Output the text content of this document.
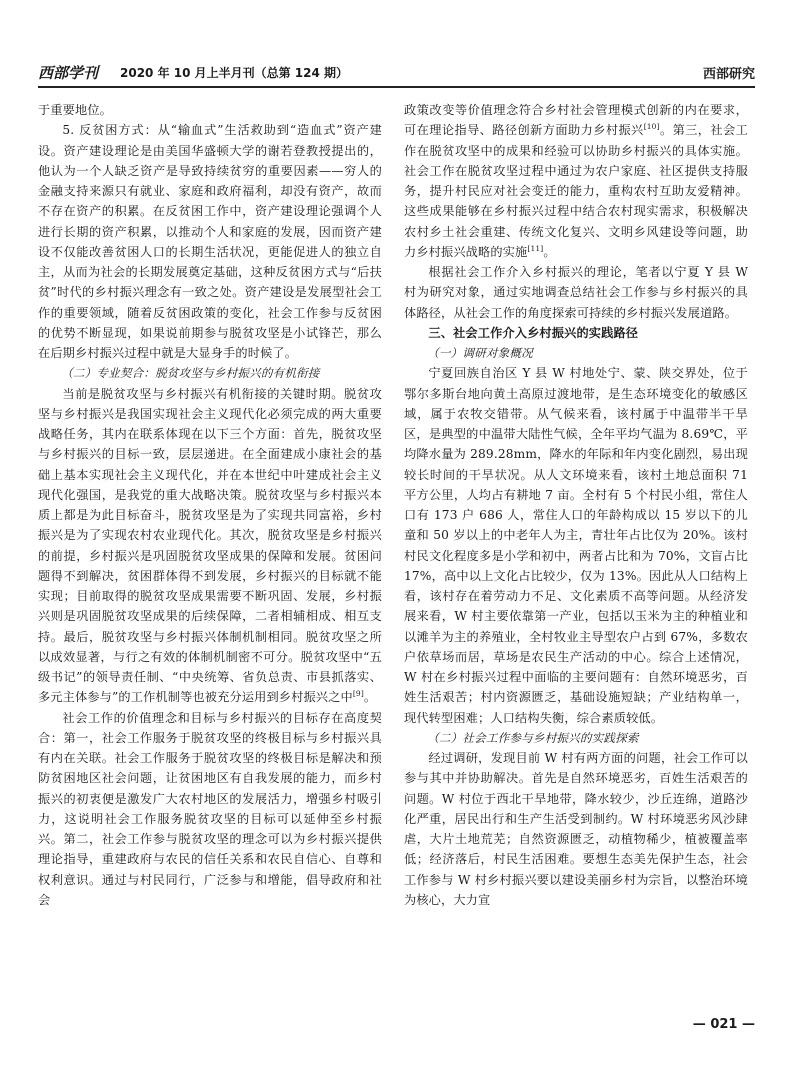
西部学刊 2020 年 10 月上半月刊（总第 124 期）	西部研究

于重要地位。

5. 反贫困方式：从“输血式”生活救助到“造血式”资产建设。资产建设理论是由美国华盛顿大学的谢若登教授提出的，他认为一个人缺乏资产是导致持续贫穷的重要因素——穷人的金融支持来源只有就业、家庭和政府福利，却没有资产，故而不存在资产的积累。在反贫困工作中，资产建设理论强调个人进行长期的资产积累，以推动个人和家庭的发展，因而资产建设不仅能改善贫困人口的长期生活状况，更能促进人的独立自主，从而为社会的长期发展奠定基础，这种反贫困方式与“后扶贫”时代的乡村振兴理念有一致之处。资产建设是发展型社会工作的重要领域，随着反贫困政策的变化，社会工作参与反贫困的优势不断显现，如果说前期参与脱贫攻坚是小试锋芒，那么在后期乡村振兴过程中就是大显身手的时候了。

（二）专业契合：脱贫攻坚与乡村振兴的有机衔接

当前是脱贫攻坚与乡村振兴有机衔接的关键时期。脱贫攻坚与乡村振兴是我国实现社会主义现代化必须完成的两大重要战略任务，其内在联系体现在以下三个方面：首先，脱贫攻坚与乡村振兴的目标一致，层层递进。在全面建成小康社会的基础上基本实现社会主义现代化，并在本世纪中叶建成社会主义现代化强国，是我党的重大战略决策。脱贫攻坚与乡村振兴本质上都是为此目标奋斗，脱贫攻坚是为了实现共同富裕，乡村振兴是为了实现农村农业现代化。其次，脱贫攻坚是乡村振兴的前提，乡村振兴是巩固脱贫攻坚成果的保障和发展。贫困问题得不到解决，贫困群体得不到发展，乡村振兴的目标就不能实现；目前取得的脱贫攻坚成果需要不断巩固、发展，乡村振兴则是巩固脱贫攻坚成果的后续保障，二者相辅相成、相互支持。最后，脱贫攻坚与乡村振兴体制机制相同。脱贫攻坚之所以成效显著，与行之有效的体制机制密不可分。脱贫攻坚中“五级书记”的领导责任制、“中央统筹、省负总责、市县抓落实、多元主体参与”的工作机制等也被充分运用到乡村振兴之中[9]。

社会工作的价值理念和目标与乡村振兴的目标存在高度契合：第一，社会工作服务于脱贫攻坚的终极目标与乡村振兴具有内在关联。社会工作服务于脱贫攻坚的终极目标是解决和预防贫困地区社会问题，让贫困地区有自我发展的能力，而乡村振兴的初衷便是激发广大农村地区的发展活力，增强乡村吸引力，这说明社会工作服务脱贫攻坚的目标可以延伸至乡村振兴。第二，社会工作参与脱贫攻坚的理念可以为乡村振兴提供理论指导，重建政府与农民的信任关系和农民自信心、自尊和权利意识。通过与村民同行，广泛参与和增能，倡导政府和社会

政策改变等价值理念符合乡村社会管理模式创新的内在要求，可在理论指导、路径创新方面助力乡村振兴[10]。第三，社会工作在脱贫攻坚中的成果和经验可以协助乡村振兴的具体实施。社会工作在脱贫攻坚过程中通过为农户家庭、社区提供支持服务，提升村民应对社会变迁的能力，重构农村互助友爱精神。这些成果能够在乡村振兴过程中结合农村现实需求，积极解决农村乡土社会重建、传统文化复兴、文明乡风建设等问题，助力乡村振兴战略的实施[11]。

根据社会工作介入乡村振兴的理论，笔者以宁夏 Y 县 W 村为研究对象，通过实地调查总结社会工作参与乡村振兴的具体路径，从社会工作的角度探索可持续的乡村振兴发展道路。

三、社会工作介入乡村振兴的实践路径
（一）调研对象概况

宁夏回族自治区 Y 县 W 村地处宁、蒙、陕交界处，位于鄂尔多斯台地向黄土高原过渡地带，是生态环境变化的敏感区域，属于农牧交错带。从气候来看，该村属于中温带半干旱区，是典型的中温带大陆性气候，全年平均气温为 8.69℃，平均降水量为 289.28mm，降水的年际和年内变化剧烈，易出现较长时间的干旱状况。从人文环境来看，该村土地总面积 71 平方公里，人均占有耕地 7 亩。全村有 5 个村民小组，常住人口有 173 户 686 人，常住人口的年龄构成以 15 岁以下的儿童和 50 岁以上的中老年人为主，青壮年占比仅为 20%。该村村民文化程度多是小学和初中，两者占比和为 70%，文盲占比 17%，高中以上文化占比较少，仅为 13%。因此从人口结构上看，该村存在着劳动力不足、文化素质不高等问题。从经济发展来看，W 村主要依靠第一产业，包括以玉米为主的种植业和以滩羊为主的养殖业，全村牧业主导型农户占到 67%，多数农户依草场而居，草场是农民生产活动的中心。综合上述情况，W 村在乡村振兴过程中面临的主要问题有：自然环境恶劣，百姓生活艰苦；村内资源匮乏，基础设施短缺；产业结构单一，现代转型困难；人口结构失衡，综合素质较低。

（二）社会工作参与乡村振兴的实践探索

经过调研，发现目前 W 村有两方面的问题，社会工作可以参与其中并协助解决。首先是自然环境恶劣，百姓生活艰苦的问题。W 村位于西北干旱地带，降水较少，沙丘连绵，道路沙化严重，居民出行和生产生活受到制约。W 村环境恶劣风沙肆虐，大片土地荒芜；自然资源匮乏，动植物稀少，植被覆盖率低；经济落后，村民生活困难。要想生态美先保护生态，社会工作参与 W 村乡村振兴要以建设美丽乡村为宗旨，以整治环境为核心，大力宣

— 021 —
